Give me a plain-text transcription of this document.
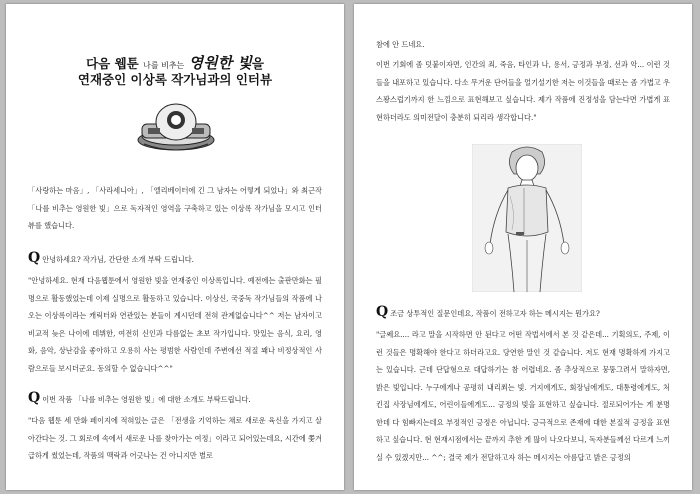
다음 웹툰 나를 비추는 영원한 빛을
연재중인 이상록 작가님과의 인터뷰
「사랑하는 마음」, 「사라세니아」, 「엘리베이터에 긴 그 남자는 어떻게 되었나」와 최근작 「나를 비추는 영원한 빛」으로 독자적인 영역을 구축하고 있는 이상록 작가님을 모시고 인터뷰를 했습니다.
Q안녕하세요? 작가님, 간단한 소개 부탁 드립니다.
"안녕하세요. 현재 다음웹툰에서 영원한 빛을 연재중인 이상록입니다. 예전에는 출판만화는 필명으로 활동했었는데 이제 실명으로 활동하고 있습니다. 이상신, 국중독 작가님들의 작품에 나오는 이상록이라는 캐릭터와 연관있는 분들이 계시던데 전혀 관계없습니다^^ 저는 남자이고 비교적 늦은 나이에 데뷔한, 여전히 신인과 다름없는 초보 작가입니다. 맛있는 음식, 요리, 영화, 음악, 상난감을 좋아하고 오용히 사는 평범한 사람인데 주변에선 적질 꽤나 비정상적인 사람으로들 보시더군요. 동의할 수 없습니다^^"
Q이번 작품 「나를 비추는 영원한 빛」에 대한 소개도 부탁드립니다.
"다음 웹툰 세 만화 페이지에 적혀있는 글은 「전생을 기억하는 채로 새로운 육신을 가지고 살아간다는 것. 그 회로에 속에서 새로운 나를 찾아가는 여정」이라고 되어있는데요, 시간에 쫓겨 급하게 썼었는데, 작품의 맥락과 어긋나는 건 아니지만 별로
참에 안 드네요.
이번 기회에 좀 덧붙이자면, 인간의 죄, 죽음, 타인과 나, 용서, 긍정과 부정, 선과 악... 이런 것들을 내포하고 있습니다. 다소 무거운 단어들을 얼기설기한 저는 이것들을 때로는 좀 가볍고 우스꽝스럽기까지 한 느낌으로 표현해보고 싶습니다. 제가 작품에 진정성을 담는다면 가볍게 표현하더라도 의미전달이 충분히 되리라 생각합니다."
Q조금 상투적인 질문인데요, 작품이 전하고자 하는 메시지는 뭔가요?
"글쎄요.... 라고 말을 시작하면 안 된다고 어떤 작법서에서 본 것 같은데... 기획의도, 주제, 이런 것들은 명확해야 한다고 하더라고요. 당연한 말인 것 같습니다. 저도 현재 명확하게 가지고는 있습니다. 근데 단답형으로 대답하기는 참 어렵네요. 좀 추상적으로 뭉뚱그려서 말하자면, 밝은 빛입니다. 누구에게나 공평히 내리쬐는 빛. 거지에게도, 회장님에게도, 대통령에게도, 처킨집 사장님에게도, 어린이들에게도... 긍정의 빛을 표현하고 싶습니다. 절로되어가는 게 분명한데 다 힘빠지는데요 부정적인 긍정은 아닙니다. 긍극적으로 존재에 대한 본질적 긍정을 표현하고 싶습니다. 현 현재시점에서는 끝까지 추한 게 많이 나오다보니, 독자분들께선 다르게 느끼실 수 있겠지만... ^^; 결국 제가 전달하고자 하는 메시지는 아름답고 밝은 긍정의
